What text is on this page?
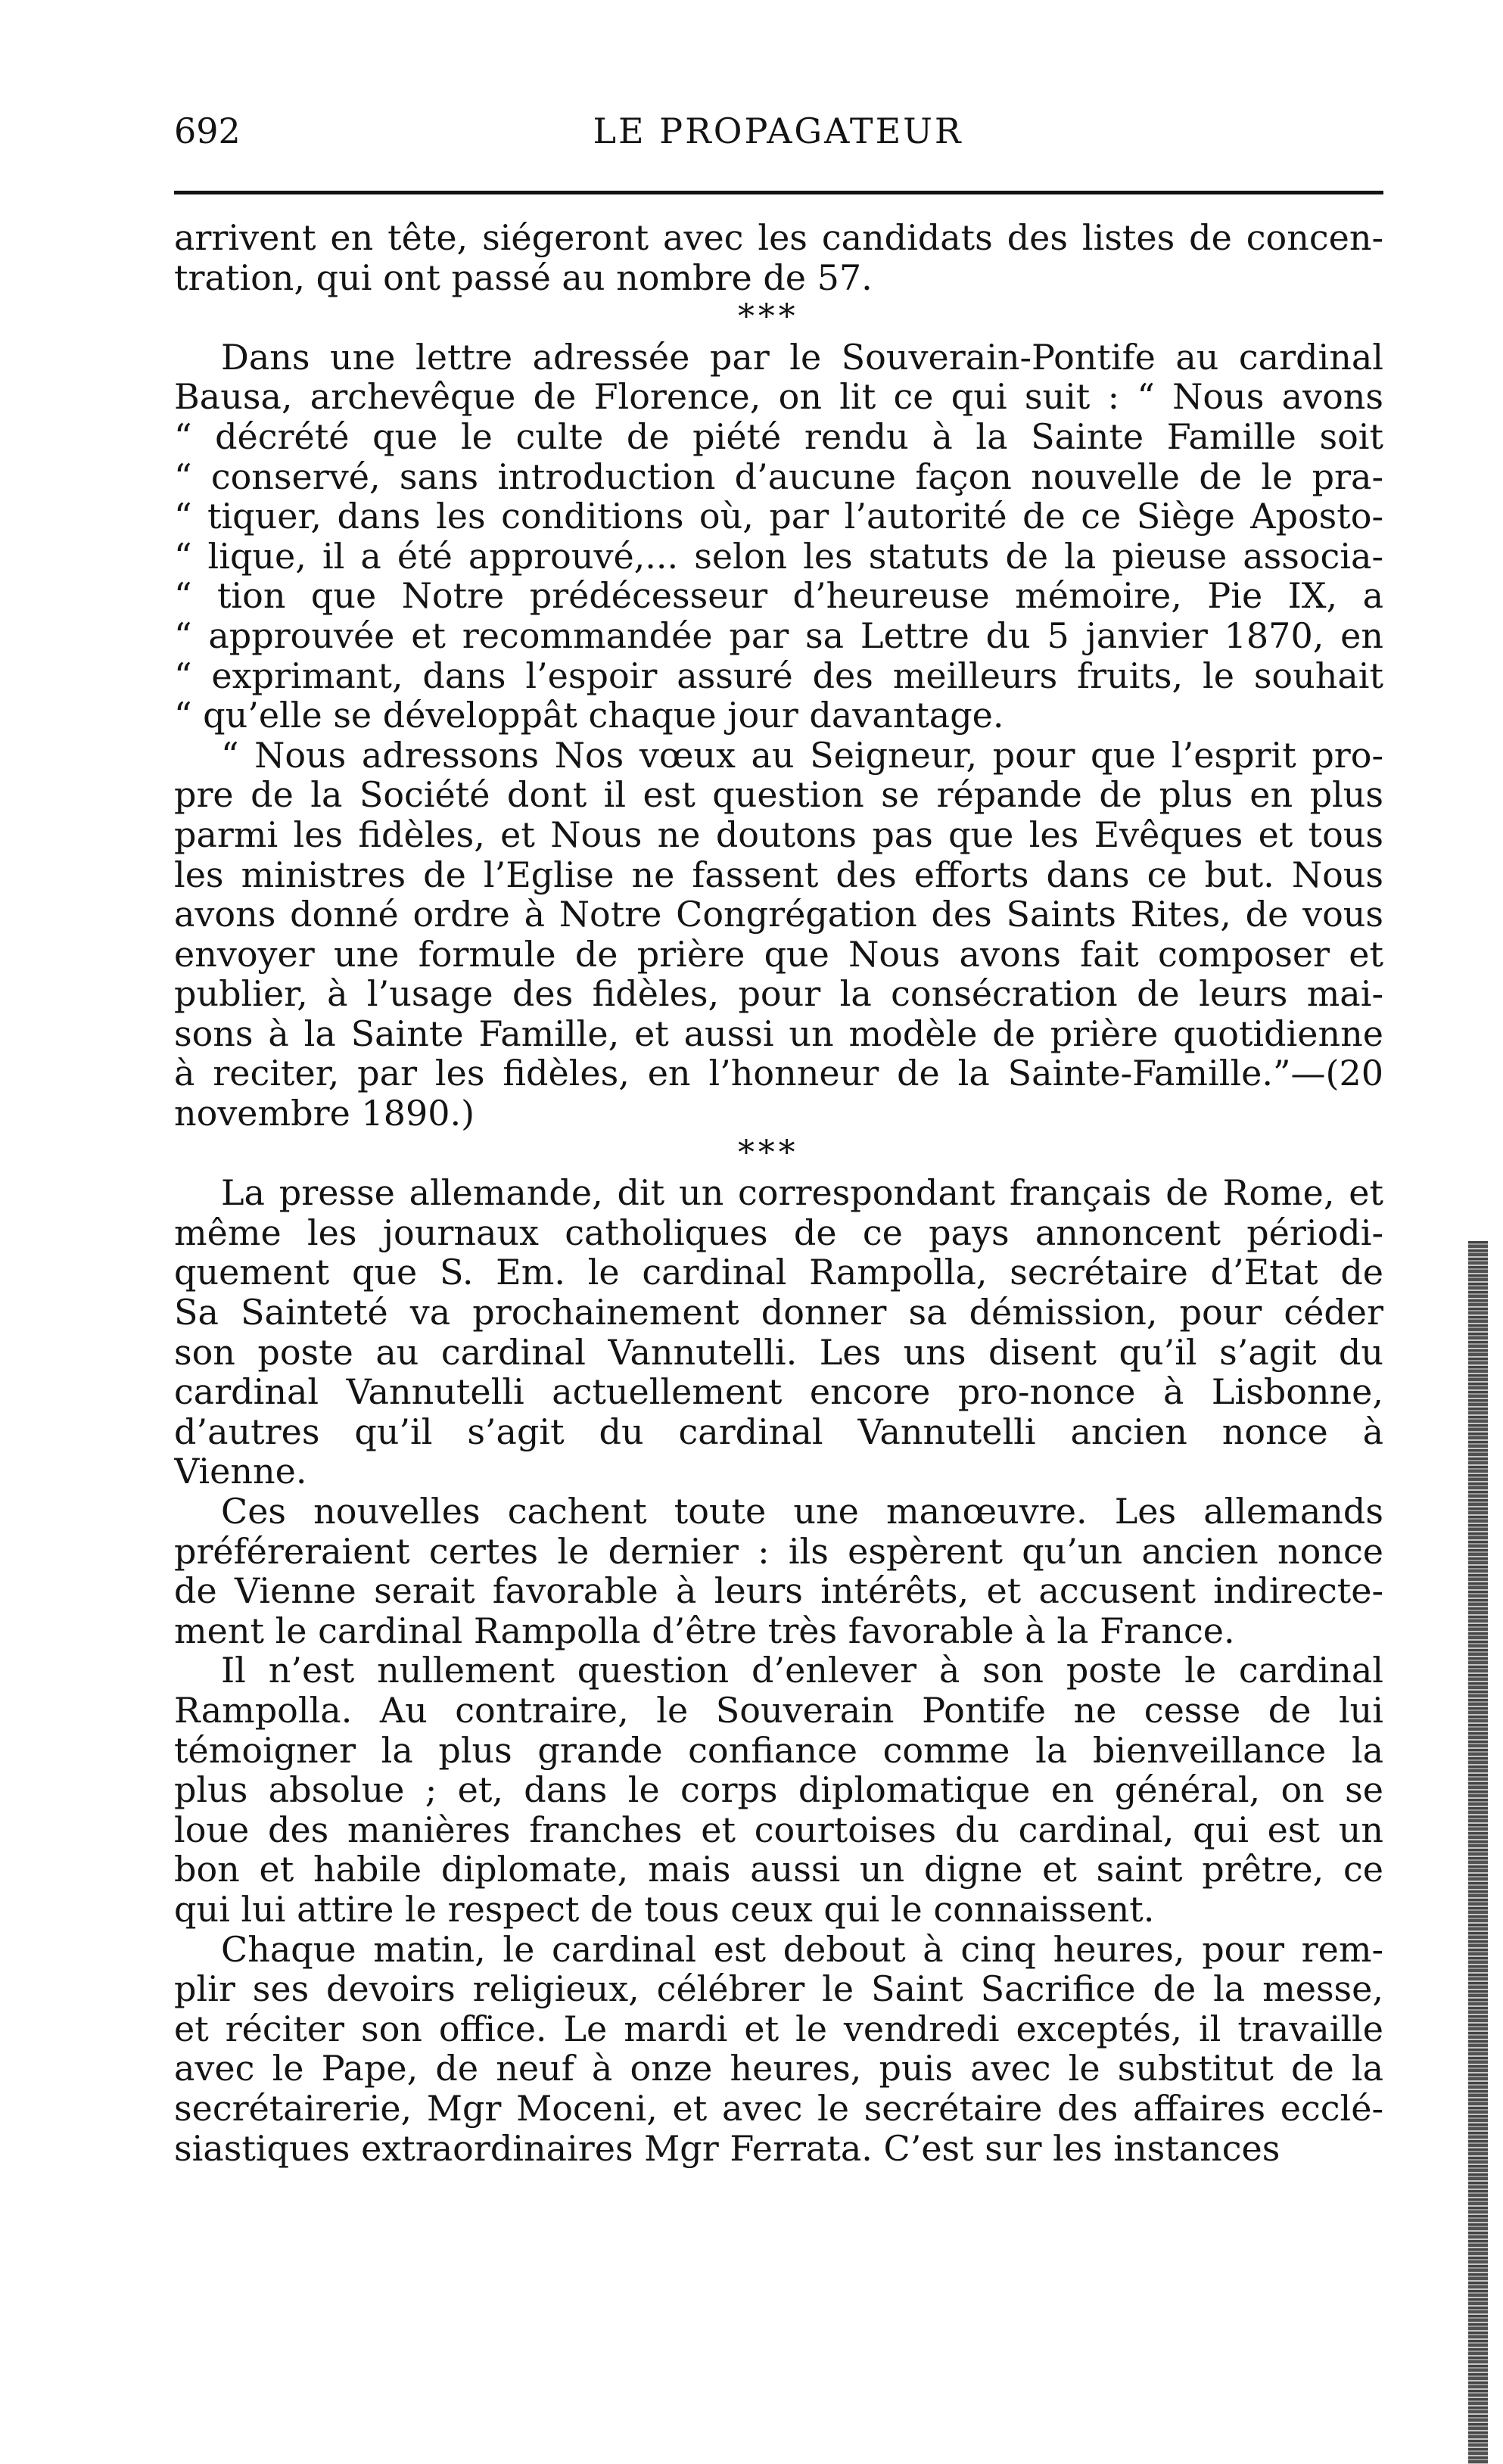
692	LE PROPAGATEUR
arrivent en tête, siégeront avec les candidats des listes de concen-
tration, qui ont passé au nombre de 57.
* * *
Dans une lettre adressée par le Souverain-Pontife au cardinal
Bausa, archevêque de Florence, on lit ce qui suit : “ Nous avons
“ décrété que le culte de piété rendu à la Sainte Famille soit
“ conservé, sans introduction d’aucune façon nouvelle de le pra-
“ tiquer, dans les conditions où, par l’autorité de ce Siège Aposto-
“ lique, il a été approuvé,... selon les statuts de la pieuse associa-
“ tion que Notre prédécesseur d’heureuse mémoire, Pie IX, a
“ approuvée et recommandée par sa Lettre du 5 janvier 1870, en
“ exprimant, dans l’espoir assuré des meilleurs fruits, le souhait
“ qu’elle se développât chaque jour davantage.
“ Nous adressons Nos vœux au Seigneur, pour que l’esprit pro-
pre de la Société dont il est question se répande de plus en plus
parmi les fidèles, et Nous ne doutons pas que les Evêques et tous
les ministres de l’Eglise ne fassent des efforts dans ce but. Nous
avons donné ordre à Notre Congrégation des Saints Rites, de vous
envoyer une formule de prière que Nous avons fait composer et
publier, à l’usage des fidèles, pour la consécration de leurs mai-
sons à la Sainte Famille, et aussi un modèle de prière quotidienne
à reciter, par les fidèles, en l’honneur de la Sainte-Famille.”—(20
novembre 1890.)
* * *
La presse allemande, dit un correspondant français de Rome, et
même les journaux catholiques de ce pays annoncent périodi-
quement que S. Em. le cardinal Rampolla, secrétaire d’Etat de
Sa Sainteté va prochainement donner sa démission, pour céder
son poste au cardinal Vannutelli. Les uns disent qu’il s’agit du
cardinal Vannutelli actuellement encore pro-nonce à Lisbonne,
d’autres qu’il s’agit du cardinal Vannutelli ancien nonce à
Vienne.
Ces nouvelles cachent toute une manœuvre. Les allemands
préféreraient certes le dernier : ils espèrent qu’un ancien nonce
de Vienne serait favorable à leurs intérêts, et accusent indirecte-
ment le cardinal Rampolla d’être très favorable à la France.
Il n’est nullement question d’enlever à son poste le cardinal
Rampolla. Au contraire, le Souverain Pontife ne cesse de lui
témoigner la plus grande confiance comme la bienveillance la
plus absolue ; et, dans le corps diplomatique en général, on se
loue des manières franches et courtoises du cardinal, qui est un
bon et habile diplomate, mais aussi un digne et saint prêtre, ce
qui lui attire le respect de tous ceux qui le connaissent.
Chaque matin, le cardinal est debout à cinq heures, pour rem-
plir ses devoirs religieux, célébrer le Saint Sacrifice de la messe,
et réciter son office. Le mardi et le vendredi exceptés, il travaille
avec le Pape, de neuf à onze heures, puis avec le substitut de la
secrétairerie, Mgr Moceni, et avec le secrétaire des affaires ecclé-
siastiques extraordinaires Mgr Ferrata. C’est sur les instances
